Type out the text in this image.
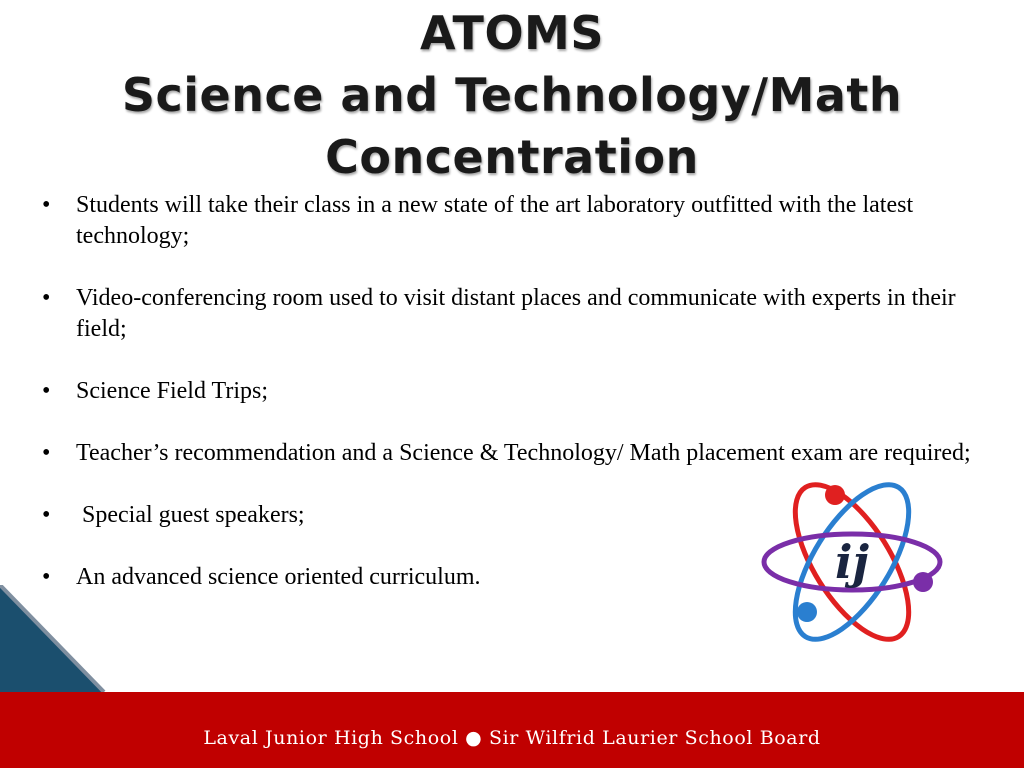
ATOMS
Science and Technology/Math
Concentration
• Students will take their class in a new state of the art laboratory outfitted with the latest technology;
• Video-conferencing room used to visit distant places and communicate with experts in their field;
• Science Field Trips;
• Teacher’s recommendation and a Science & Technology/ Math placement exam are required;
• Special guest speakers;
• An advanced science oriented curriculum.	ij
Laval Junior High School ● Sir Wilfrid Laurier School Board
